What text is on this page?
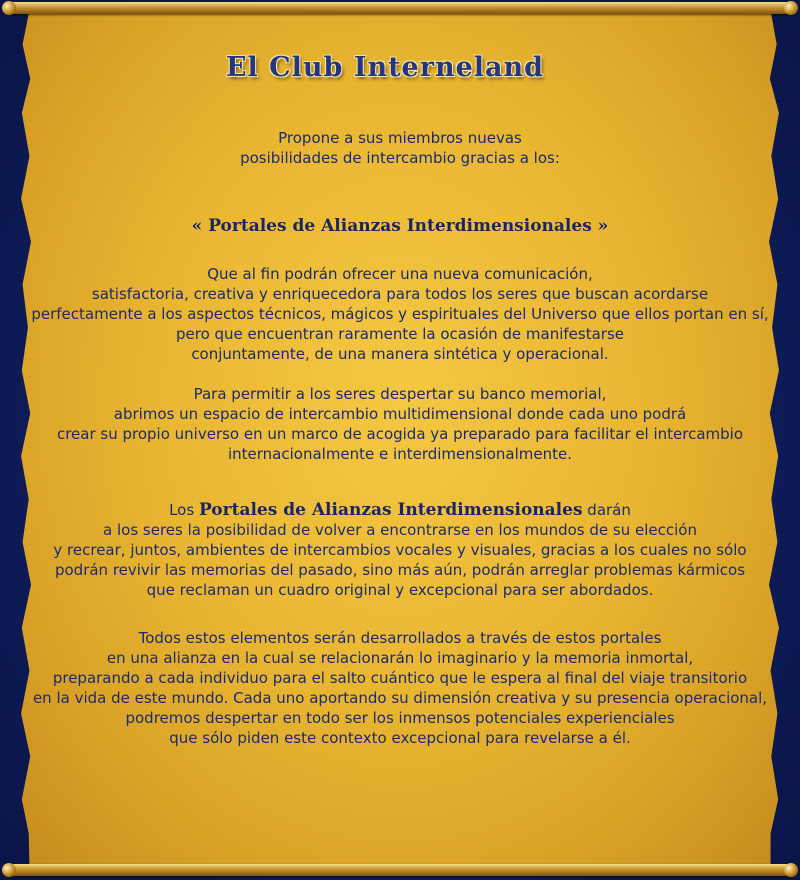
El Club Interneland
Propone a sus miembros nuevas
posibilidades de intercambio gracias a los:
« Portales de Alianzas Interdimensionales »
Que al fin podrán ofrecer una nueva comunicación,
satisfactoria, creativa y enriquecedora para todos los seres que buscan acordarse
perfectamente a los aspectos técnicos, mágicos y espirituales del Universo que ellos portan en sí,
pero que encuentran raramente la ocasión de manifestarse
conjuntamente, de una manera sintética y operacional.
Para permitir a los seres despertar su banco memorial,
abrimos un espacio de intercambio multidimensional donde cada uno podrá
crear su propio universo en un marco de acogida ya preparado para facilitar el intercambio
internacionalmente e interdimensionalmente.
Los Portales de Alianzas Interdimensionales darán
a los seres la posibilidad de volver a encontrarse en los mundos de su elección
y recrear, juntos, ambientes de intercambios vocales y visuales, gracias a los cuales no sólo
podrán revivir las memorias del pasado, sino más aún, podrán arreglar problemas kármicos
que reclaman un cuadro original y excepcional para ser abordados.
Todos estos elementos serán desarrollados a través de estos portales
en una alianza en la cual se relacionarán lo imaginario y la memoria inmortal,
preparando a cada individuo para el salto cuántico que le espera al final del viaje transitorio
en la vida de este mundo. Cada uno aportando su dimensión creativa y su presencia operacional,
podremos despertar en todo ser los inmensos potenciales experienciales
que sólo piden este contexto excepcional para revelarse a él.
